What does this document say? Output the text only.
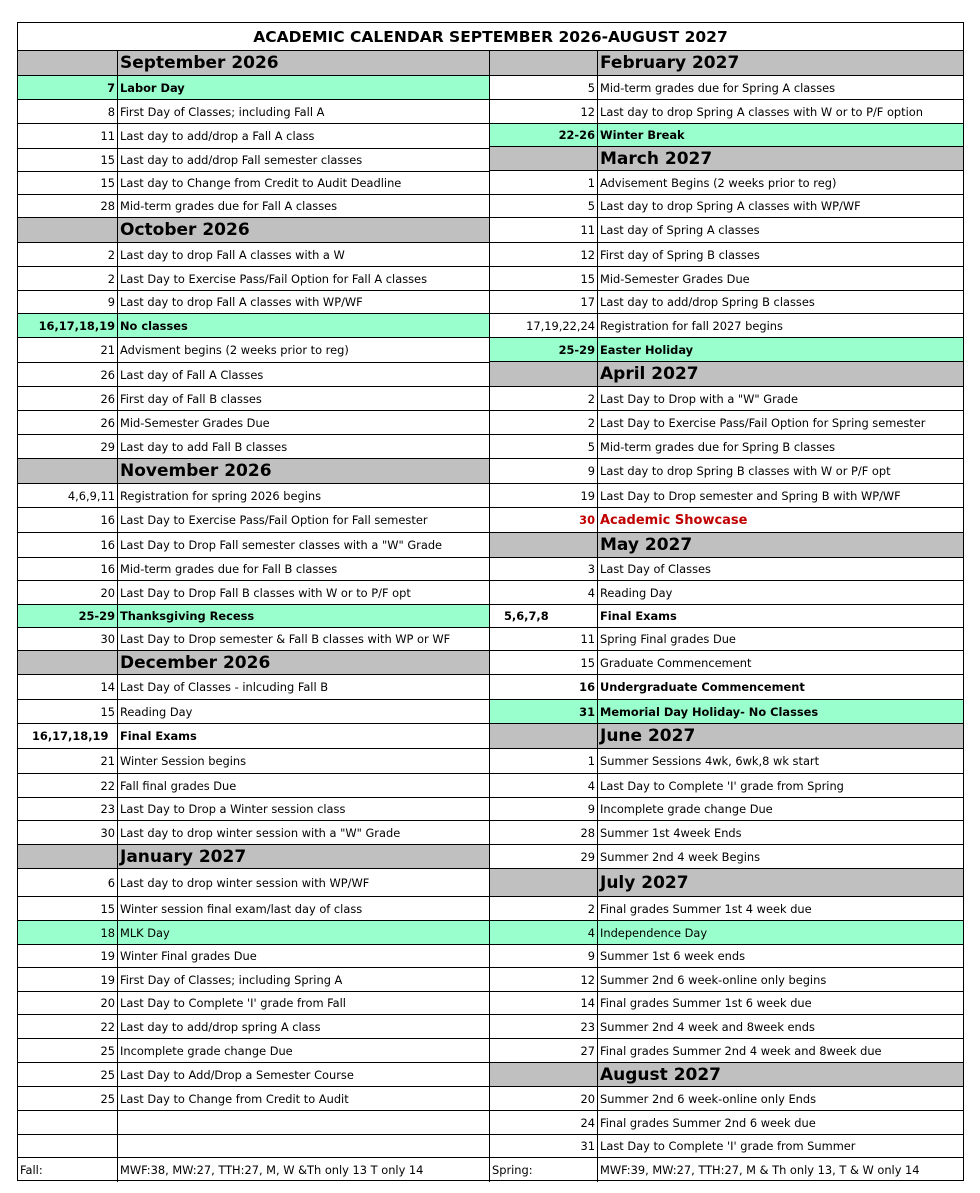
ACADEMIC CALENDAR SEPTEMBER 2026-AUGUST 2027
September 2026
7 Labor Day
8 First Day of Classes; including Fall A
11 Last day to add/drop a Fall A class
15 Last day to add/drop Fall semester classes
15 Last day to Change from Credit to Audit Deadline
28 Mid-term grades due for Fall A classes
October 2026
2 Last day to drop Fall A classes with a W
2 Last Day to Exercise Pass/Fail Option for Fall A classes
9 Last day to drop Fall A classes with WP/WF
16,17,18,19 No classes
21 Advisment begins (2 weeks prior to reg)
26 Last day of Fall A Classes
26 First day of Fall B classes
26 Mid-Semester Grades Due
29 Last day to add Fall B classes
November 2026
4,6,9,11 Registration for spring 2026 begins
16 Last Day to Exercise Pass/Fail Option for Fall semester
16 Last Day to Drop Fall semester classes with a "W" Grade
16 Mid-term grades due for Fall B classes
20 Last Day to Drop Fall B classes with W or to P/F opt
25-29 Thanksgiving Recess
30 Last Day to Drop semester & Fall B classes with WP or WF
December 2026
14 Last Day of Classes - inlcuding Fall B
15 Reading Day
16,17,18,19	Final Exams
21 Winter Session begins
22 Fall final grades Due
23 Last Day to Drop a Winter session class
30 Last day to drop winter session with a "W" Grade
January 2027
6 Last day to drop winter session with WP/WF
15 Winter session final exam/last day of class
18 MLK Day
19 Winter Final grades Due
19 First Day of Classes; including Spring A
20 Last Day to Complete 'I' grade from Fall
22 Last day to add/drop spring A class
25 Incomplete grade change Due
25 Last Day to Add/Drop a Semester Course
25 Last Day to Change from Credit to Audit
Fall:	MWF:38, MW:27, TTH:27, M, W &Th only 13 T only 14
February 2027
5 Mid-term grades due for Spring A classes
12 Last day to drop Spring A classes with W or to P/F option
22-26 Winter Break
March 2027
1 Advisement Begins (2 weeks prior to reg)
5 Last day to drop Spring A classes with WP/WF
11 Last day of Spring A classes
12 First day of Spring B classes
15 Mid-Semester Grades Due
17 Last day to add/drop Spring B classes
17,19,22,24 Registration for fall 2027 begins
25-29 Easter Holiday
April 2027
2 Last Day to Drop with a "W" Grade
2 Last Day to Exercise Pass/Fail Option for Spring semester
5 Mid-term grades due for Spring B classes
9 Last day to drop Spring B classes with W or P/F opt
19 Last Day to Drop semester and Spring B with WP/WF
30 Academic Showcase
May 2027
3 Last Day of Classes
4 Reading Day
5,6,7,8	Final Exams
11 Spring Final grades Due
15 Graduate Commencement
16 Undergraduate Commencement
31 Memorial Day Holiday- No Classes
June 2027
1 Summer Sessions 4wk, 6wk,8 wk start
4 Last Day to Complete 'I' grade from Spring
9 Incomplete grade change Due
28 Summer 1st 4week Ends
29 Summer 2nd 4 week Begins
July 2027
2 Final grades Summer 1st 4 week due
4 Independence Day
9 Summer 1st 6 week ends
12 Summer 2nd 6 week-online only begins
14 Final grades Summer 1st 6 week due
23 Summer 2nd 4 week and 8week ends
27 Final grades Summer 2nd 4 week and 8week due
August 2027
20 Summer 2nd 6 week-online only Ends
24 Final grades Summer 2nd 6 week due
31 Last Day to Complete 'I' grade from Summer
Spring:	MWF:39, MW:27, TTH:27, M & Th only 13, T & W only 14
